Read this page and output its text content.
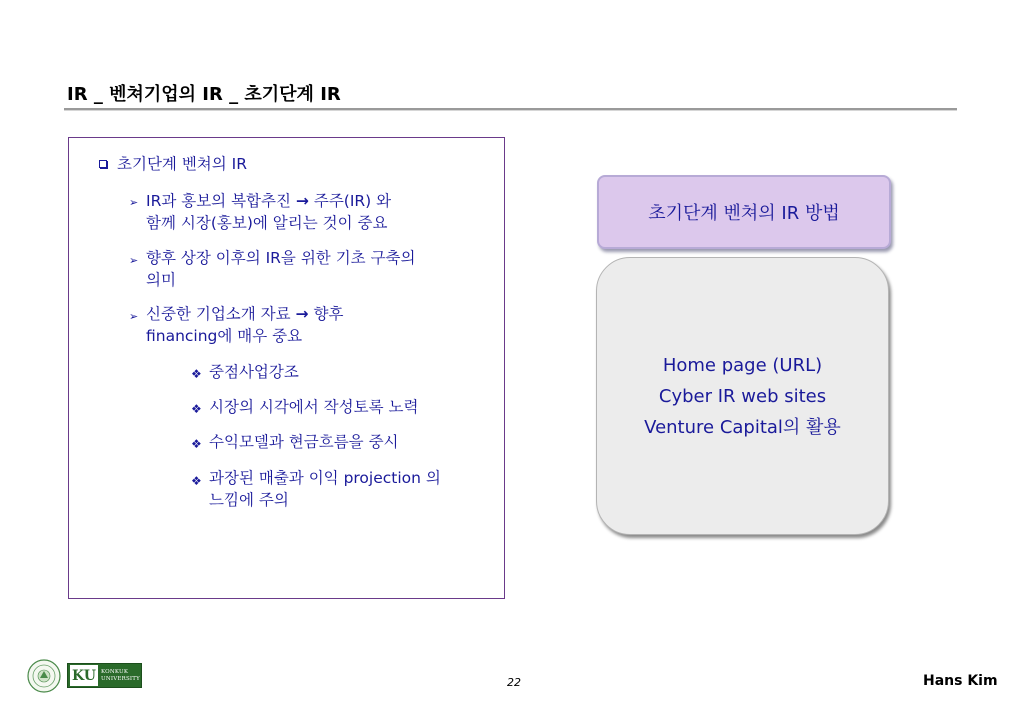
IR _ 벤쳐기업의 IR _ 초기단계 IR
초기단계 벤쳐의 IR
➢ IR과 홍보의 복합추진 → 주주(IR) 와
함께 시장(홍보)에 알리는 것이 중요
➢ 향후 상장 이후의 IR을 위한 기초 구축의
의미
➢ 신중한 기업소개 자료 → 향후
financing에 매우 중요
❖ 중점사업강조
❖ 시장의 시각에서 작성토록 노력
❖ 수익모델과 현금흐름을 중시
❖ 과장된 매출과 이익 projection 의
느낌에 주의
초기단계 벤쳐의 IR 방법
Home page (URL)
Cyber IR web sites
Venture Capital의 활용
KU KONKUK
UNIVERSITY	22	Hans Kim
